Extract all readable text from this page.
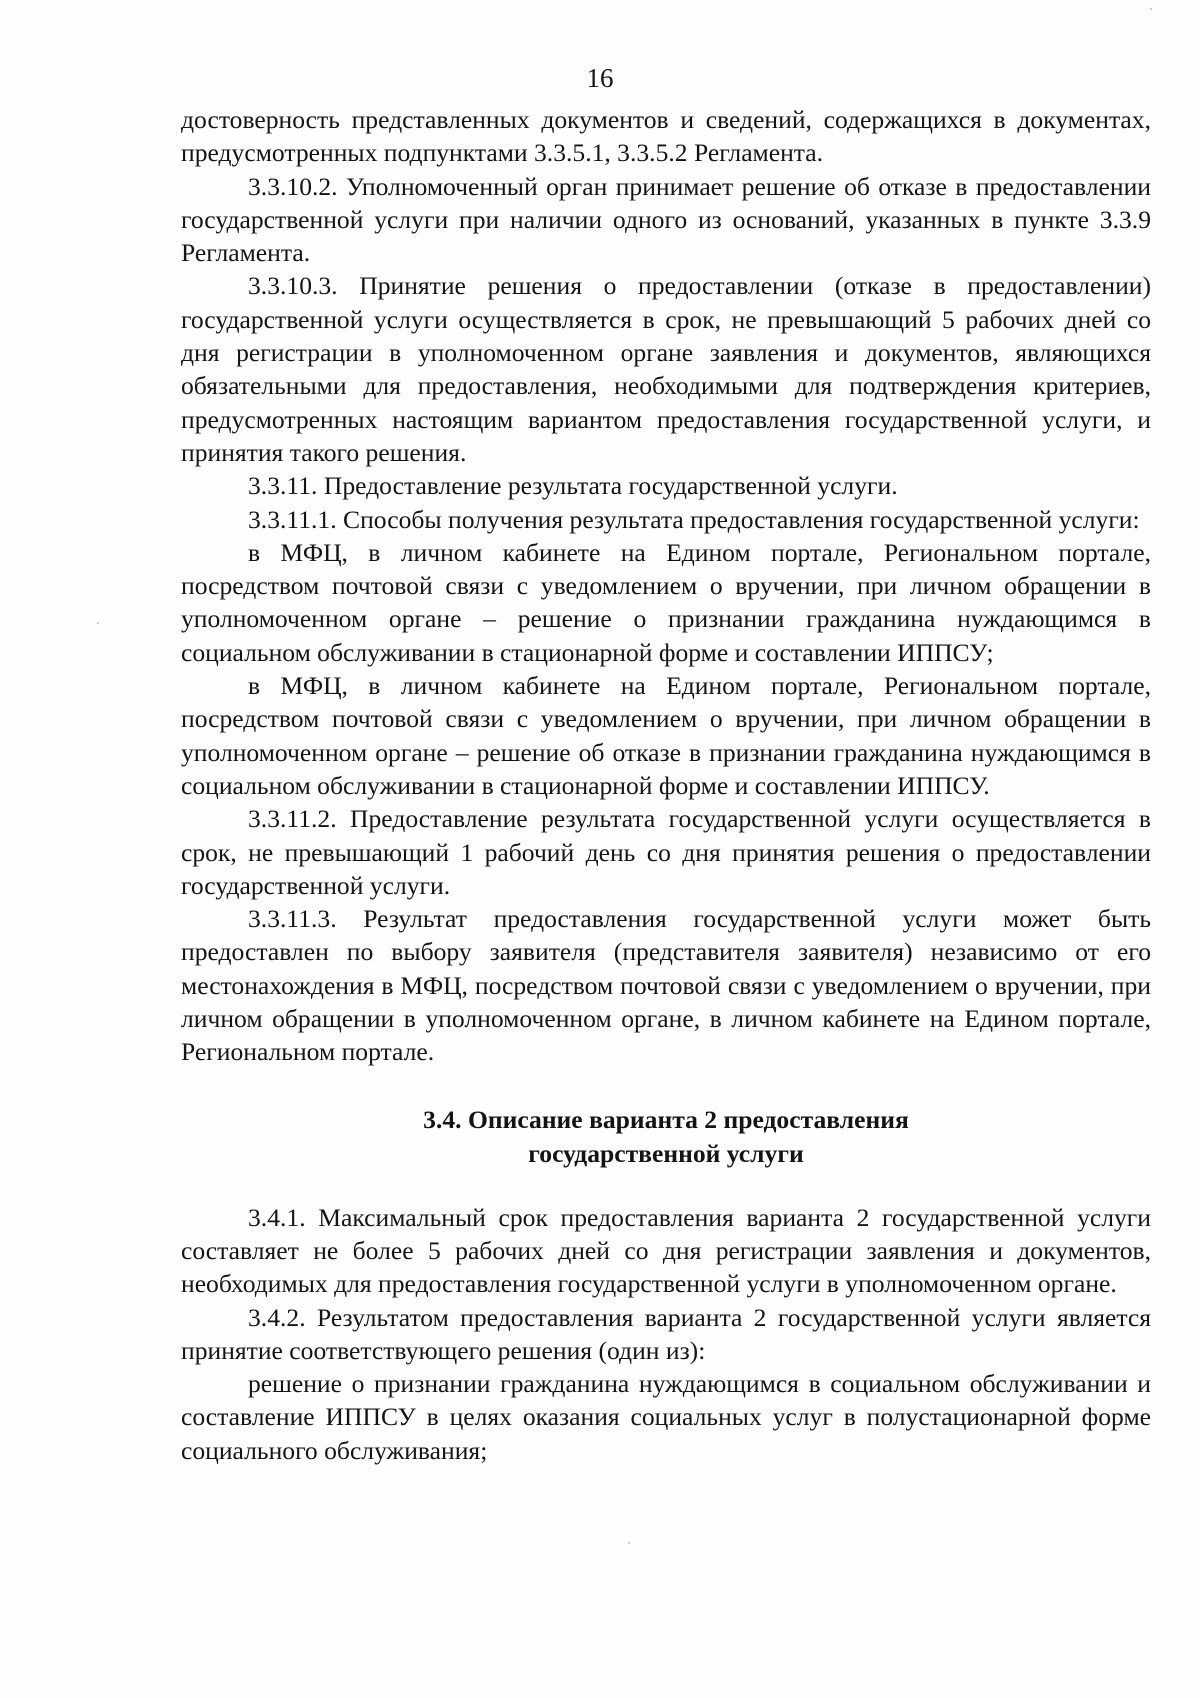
16

достоверность представленных документов и сведений, содержащихся в документах, предусмотренных подпунктами 3.3.5.1, 3.3.5.2 Регламента.

3.3.10.2. Уполномоченный орган принимает решение об отказе в предоставлении государственной услуги при наличии одного из оснований, указанных в пункте 3.3.9 Регламента.

3.3.10.3. Принятие решения о предоставлении (отказе в предоставлении) государственной услуги осуществляется в срок, не превышающий 5 рабочих дней со дня регистрации в уполномоченном органе заявления и документов, являющихся обязательными для предоставления, необходимыми для подтверждения критериев, предусмотренных настоящим вариантом предоставления государственной услуги, и принятия такого решения.

3.3.11. Предоставление результата государственной услуги.

3.3.11.1. Способы получения результата предоставления государственной услуги:

в МФЦ, в личном кабинете на Едином портале, Региональном портале, посредством почтовой связи с уведомлением о вручении, при личном обращении в уполномоченном органе – решение о признании гражданина нуждающимся в социальном обслуживании в стационарной форме и составлении ИППСУ;

в МФЦ, в личном кабинете на Едином портале, Региональном портале, посредством почтовой связи с уведомлением о вручении, при личном обращении в уполномоченном органе – решение об отказе в признании гражданина нуждающимся в социальном обслуживании в стационарной форме и составлении ИППСУ.

3.3.11.2. Предоставление результата государственной услуги осуществляется в срок, не превышающий 1 рабочий день со дня принятия решения о предоставлении государственной услуги.

3.3.11.3. Результат предоставления государственной услуги может быть предоставлен по выбору заявителя (представителя заявителя) независимо от его местонахождения в МФЦ, посредством почтовой связи с уведомлением о вручении, при личном обращении в уполномоченном органе, в личном кабинете на Едином портале, Региональном портале.

3.4. Описание варианта 2 предоставления
государственной услуги

3.4.1. Максимальный срок предоставления варианта 2 государственной услуги составляет не более 5 рабочих дней со дня регистрации заявления и документов, необходимых для предоставления государственной услуги в уполномоченном органе.

3.4.2. Результатом предоставления варианта 2 государственной услуги является принятие соответствующего решения (один из):

решение о признании гражданина нуждающимся в социальном обслуживании и составление ИППСУ в целях оказания социальных услуг в полустационарной форме социального обслуживания;
